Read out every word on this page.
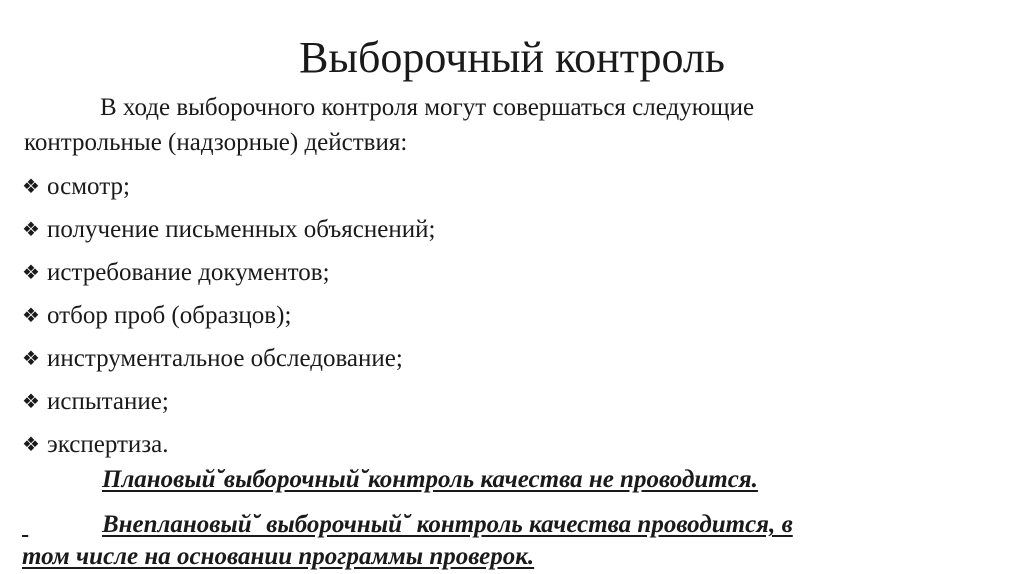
Выборочный контроль
В ходе выборочного контроля могут совершаться следующие
контрольные (надзорные) действия:
❖ осмотр;
❖ получение письменных объяснений;
❖ истребование документов;
❖ отбор проб (образцов);
❖ инструментальное обследование;
❖ испытание;
❖ экспертиза.
Плановый˘выборочный˘контроль качества не проводится.
Внеплановый˘ выборочный˘ контроль качества проводится, в
том числе на основании программы проверок.
